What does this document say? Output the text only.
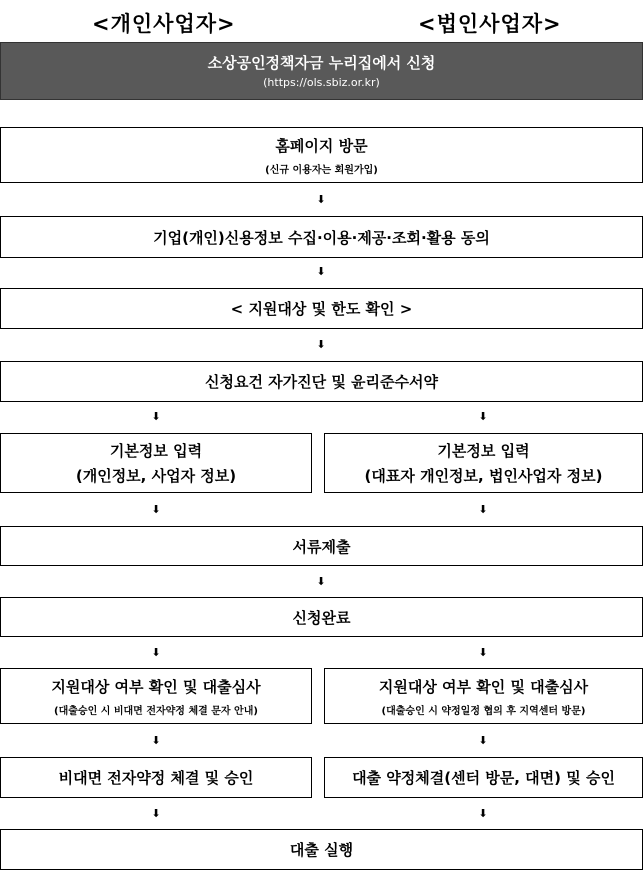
<개인사업자>	<법인사업자>
소상공인정책자금 누리집에서 신청
(https://ols.sbiz.or.kr)
홈페이지 방문
(신규 이용자는 회원가입)
⬇
기업(개인)신용정보 수집·이용·제공·조회·활용 동의
⬇
< 지원대상 및 한도 확인 >
⬇
신청요건 자가진단 및 윤리준수서약
⬇	⬇
기본정보 입력
(개인정보, 사업자 정보)
기본정보 입력
(대표자 개인정보, 법인사업자 정보)
⬇	⬇
서류제출
⬇
신청완료
⬇	⬇
지원대상 여부 확인 및 대출심사
(대출승인 시 비대면 전자약정 체결 문자 안내)
지원대상 여부 확인 및 대출심사
(대출승인 시 약정일정 협의 후 지역센터 방문)
⬇	⬇
비대면 전자약정 체결 및 승인	대출 약정체결(센터 방문, 대면) 및 승인
⬇	⬇
대출 실행
